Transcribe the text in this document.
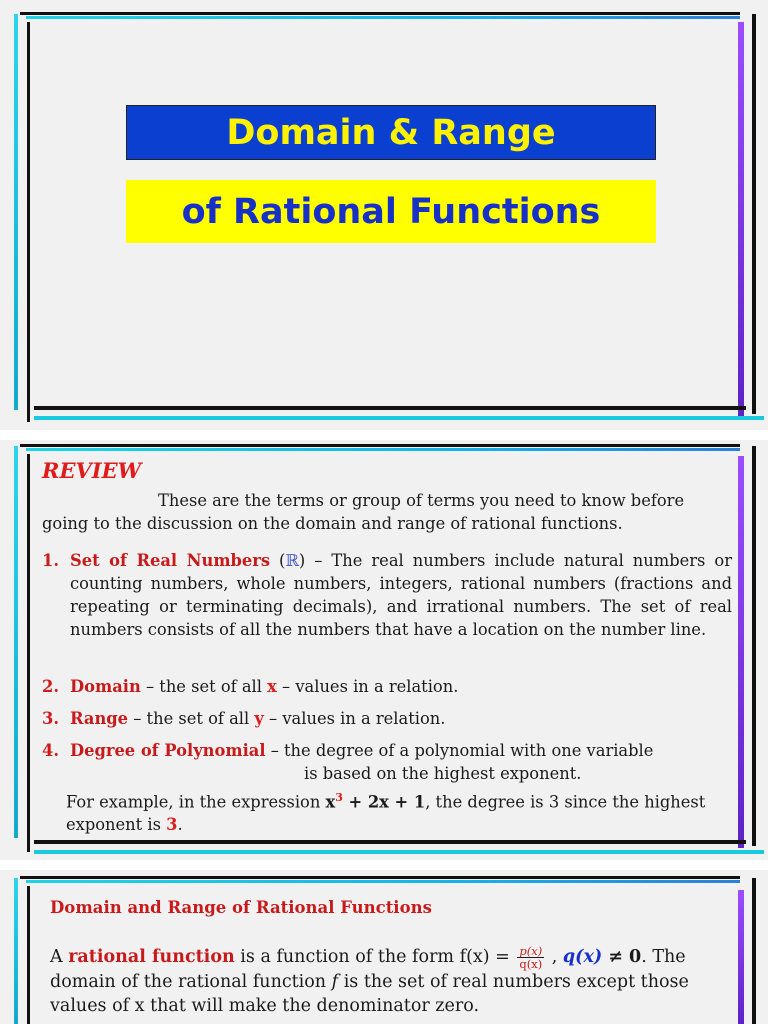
Domain & Range
of Rational Functions
REVIEW
These are the terms or group of terms you need to know before going to the discussion on the domain and range of rational functions.
1. Set of Real Numbers (ℝ) – The real numbers include natural numbers or counting numbers, whole numbers, integers, rational numbers (fractions and repeating or terminating decimals), and irrational numbers. The set of real numbers consists of all the numbers that have a location on the number line.
2. Domain – the set of all x – values in a relation.
3. Range – the set of all y – values in a relation.
4. Degree of Polynomial – the degree of a polynomial with one variable
is based on the highest exponent.
For example, in the expression $x^3 + 2x + 1$, the degree is 3 since the highest exponent is 3.
Domain and Range of Rational Functions
A rational function is a function of the form $f(x) = \frac{p(x)}{q(x)}$ , q(x) ≠ 0. The domain of the rational function f is the set of real numbers except those values of x that will make the denominator zero.
